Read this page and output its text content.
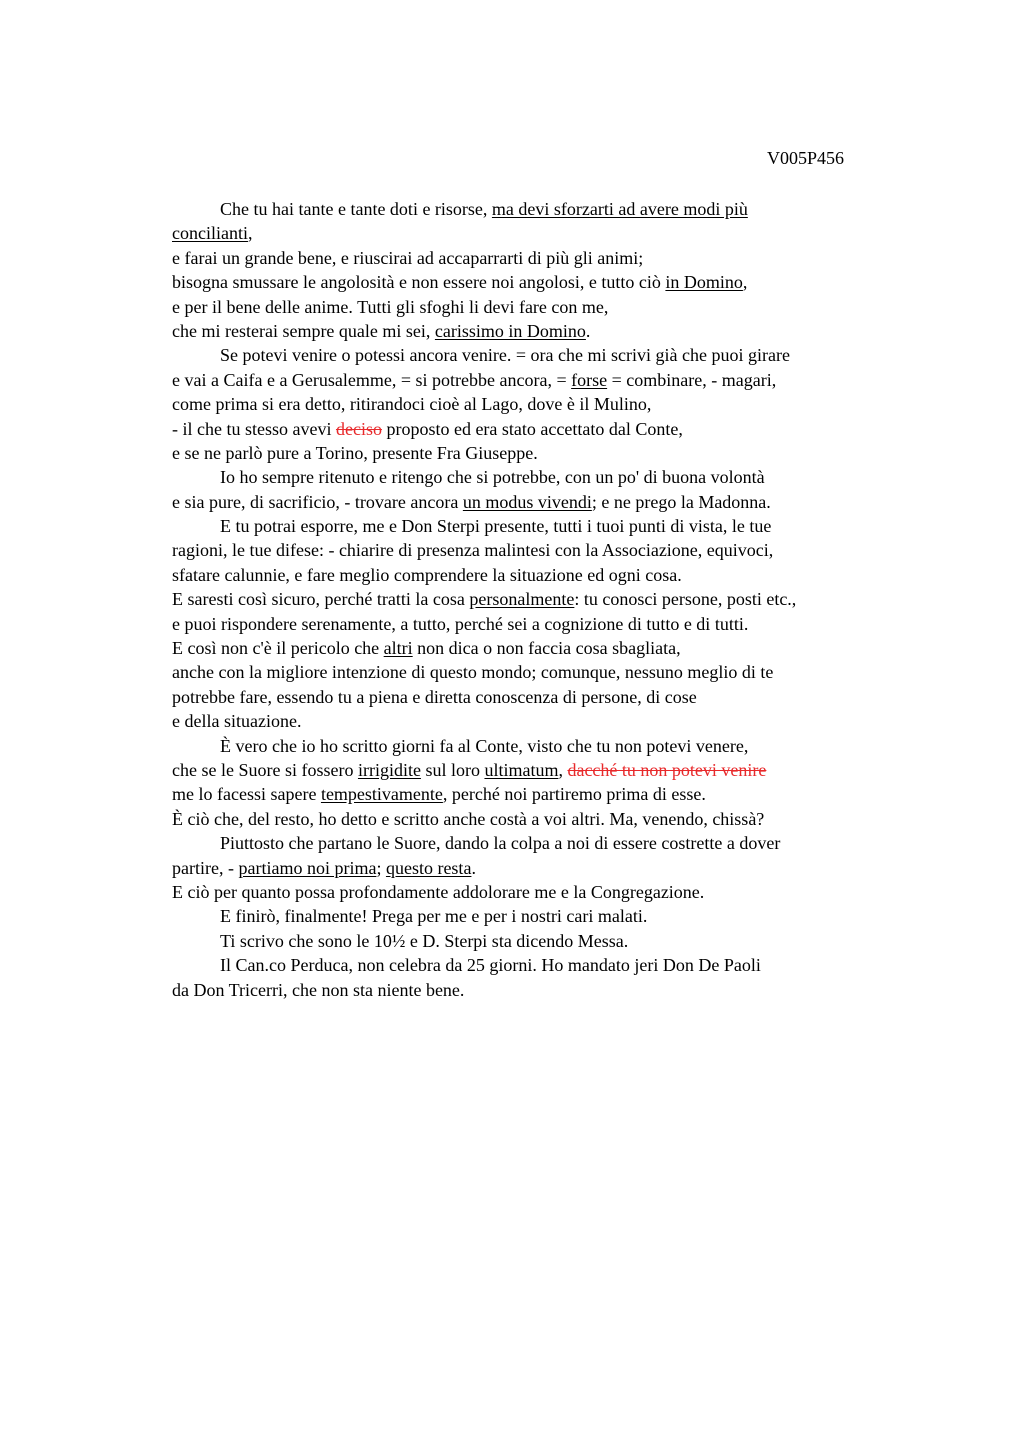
V005P456
Che tu hai tante e tante doti e risorse, ma devi sforzarti ad avere modi più
concilianti,
e farai un grande bene, e riuscirai ad accaparrarti di più gli animi;
bisogna smussare le angolosità e non essere noi angolosi, e tutto ciò in Domino,
e per il bene delle anime. Tutti gli sfoghi li devi fare con me,
che mi resterai sempre quale mi sei, carissimo in Domino.
Se potevi venire o potessi ancora venire. = ora che mi scrivi già che puoi girare
e vai a Caifa e a Gerusalemme, = si potrebbe ancora, = forse = combinare, - magari,
come prima si era detto, ritirandoci cioè al Lago, dove è il Mulino,
- il che tu stesso avevi deciso proposto ed era stato accettato dal Conte,
e se ne parlò pure a Torino, presente Fra Giuseppe.
Io ho sempre ritenuto e ritengo che si potrebbe, con un po' di buona volontà
e sia pure, di sacrificio, - trovare ancora un modus vivendi; e ne prego la Madonna.
E tu potrai esporre, me e Don Sterpi presente, tutti i tuoi punti di vista, le tue
ragioni, le tue difese: - chiarire di presenza malintesi con la Associazione, equivoci,
sfatare calunnie, e fare meglio comprendere la situazione ed ogni cosa.
E saresti così sicuro, perché tratti la cosa personalmente: tu conosci persone, posti etc.,
e puoi rispondere serenamente, a tutto, perché sei a cognizione di tutto e di tutti.
E così non c'è il pericolo che altri non dica o non faccia cosa sbagliata,
anche con la migliore intenzione di questo mondo; comunque, nessuno meglio di te
potrebbe fare, essendo tu a piena e diretta conoscenza di persone, di cose
e della situazione.
È vero che io ho scritto giorni fa al Conte, visto che tu non potevi venere,
che se le Suore si fossero irrigidite sul loro ultimatum, dacché tu non potevi venire
me lo facessi sapere tempestivamente, perché noi partiremo prima di esse.
È ciò che, del resto, ho detto e scritto anche costà a voi altri. Ma, venendo, chissà?
Piuttosto che partano le Suore, dando la colpa a noi di essere costrette a dover
partire, - partiamo noi prima; questo resta.
E ciò per quanto possa profondamente addolorare me e la Congregazione.
E finirò, finalmente! Prega per me e per i nostri cari malati.
Ti scrivo che sono le 10½ e D. Sterpi sta dicendo Messa.
Il Can.co Perduca, non celebra da 25 giorni. Ho mandato jeri Don De Paoli
da Don Tricerri, che non sta niente bene.
